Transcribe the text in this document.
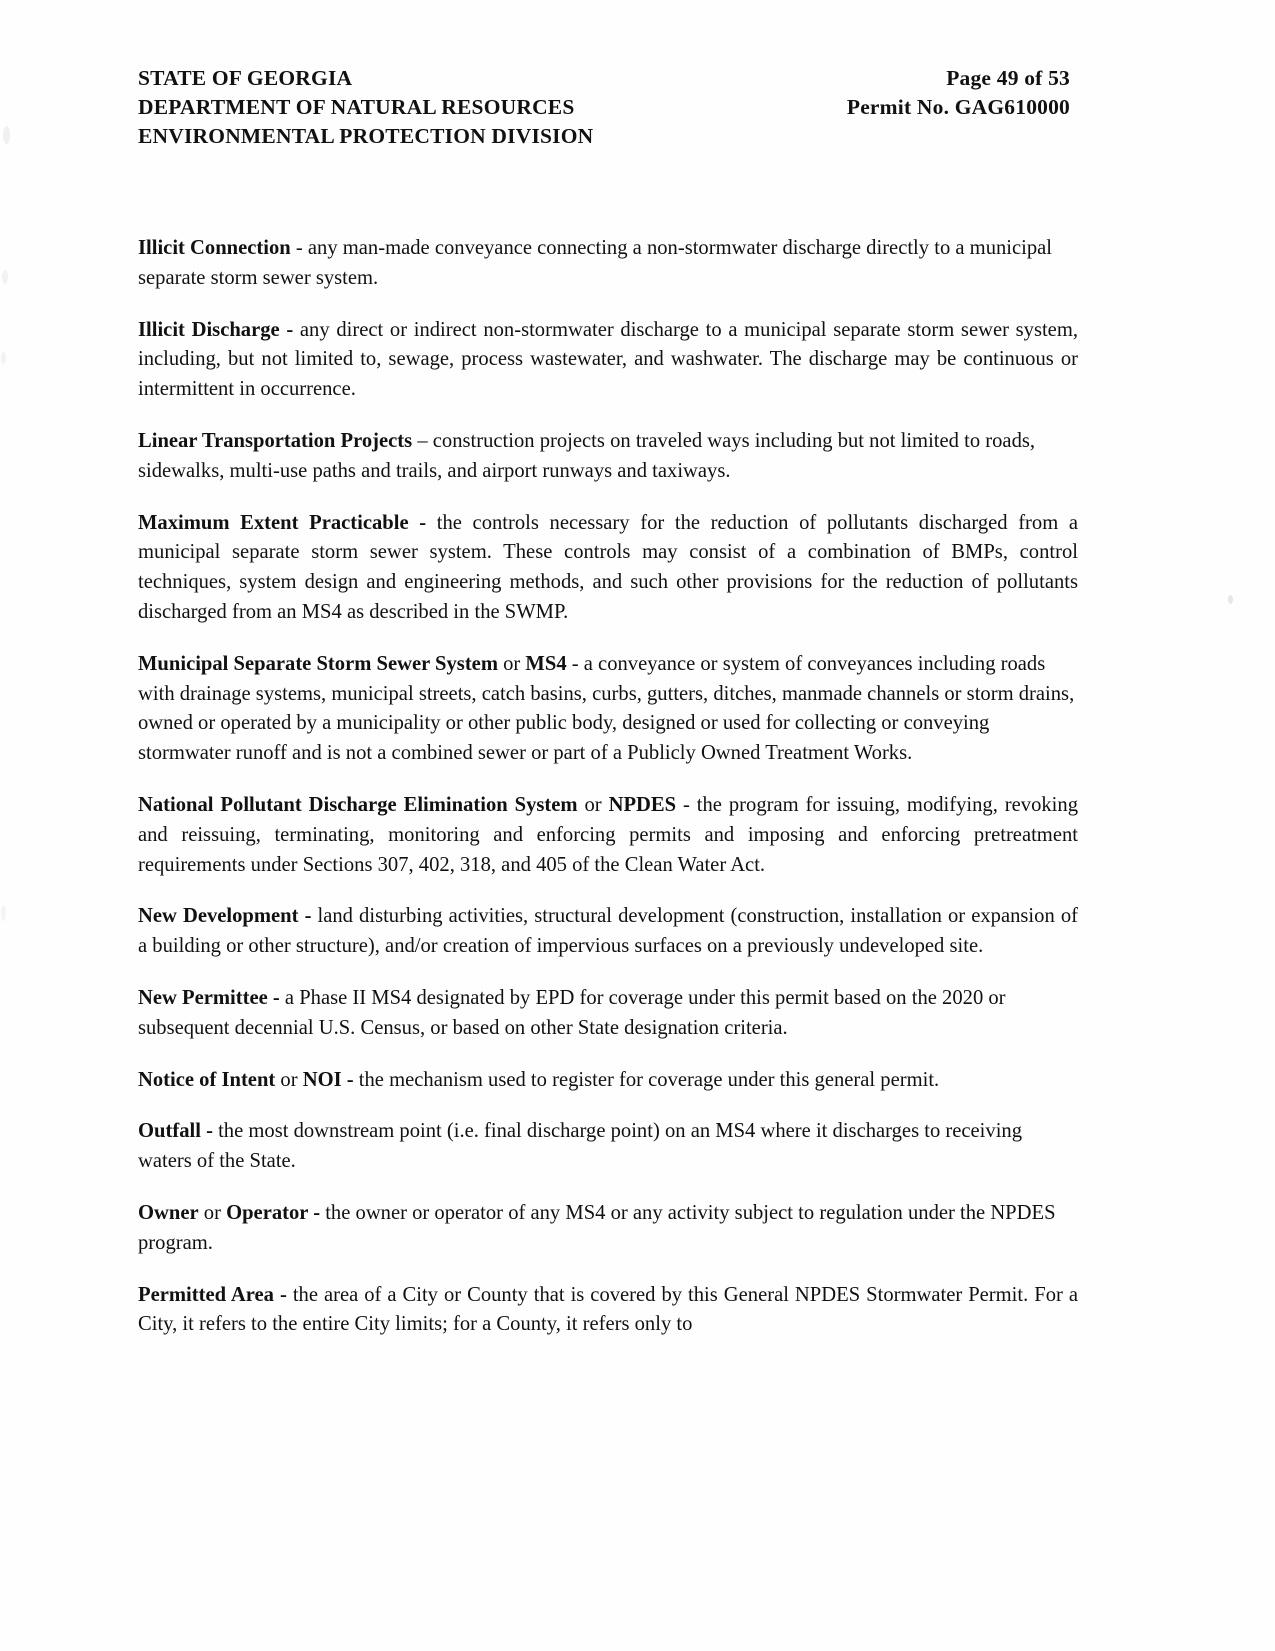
STATE OF GEORGIA
DEPARTMENT OF NATURAL RESOURCES
ENVIRONMENTAL PROTECTION DIVISION
Page 49 of 53
Permit No. GAG610000

Illicit Connection - any man-made conveyance connecting a non-stormwater discharge directly to a municipal separate storm sewer system.

Illicit Discharge - any direct or indirect non-stormwater discharge to a municipal separate storm sewer system, including, but not limited to, sewage, process wastewater, and washwater. The discharge may be continuous or intermittent in occurrence.

Linear Transportation Projects – construction projects on traveled ways including but not limited to roads, sidewalks, multi-use paths and trails, and airport runways and taxiways.

Maximum Extent Practicable - the controls necessary for the reduction of pollutants discharged from a municipal separate storm sewer system. These controls may consist of a combination of BMPs, control techniques, system design and engineering methods, and such other provisions for the reduction of pollutants discharged from an MS4 as described in the SWMP.

Municipal Separate Storm Sewer System or MS4 - a conveyance or system of conveyances including roads with drainage systems, municipal streets, catch basins, curbs, gutters, ditches, manmade channels or storm drains, owned or operated by a municipality or other public body, designed or used for collecting or conveying stormwater runoff and is not a combined sewer or part of a Publicly Owned Treatment Works.

National Pollutant Discharge Elimination System or NPDES - the program for issuing, modifying, revoking and reissuing, terminating, monitoring and enforcing permits and imposing and enforcing pretreatment requirements under Sections 307, 402, 318, and 405 of the Clean Water Act.

New Development - land disturbing activities, structural development (construction, installation or expansion of a building or other structure), and/or creation of impervious surfaces on a previously undeveloped site.

New Permittee - a Phase II MS4 designated by EPD for coverage under this permit based on the 2020 or subsequent decennial U.S. Census, or based on other State designation criteria.

Notice of Intent or NOI - the mechanism used to register for coverage under this general permit.

Outfall - the most downstream point (i.e. final discharge point) on an MS4 where it discharges to receiving waters of the State.

Owner or Operator - the owner or operator of any MS4 or any activity subject to regulation under the NPDES program.

Permitted Area - the area of a City or County that is covered by this General NPDES Stormwater Permit. For a City, it refers to the entire City limits; for a County, it refers only to
